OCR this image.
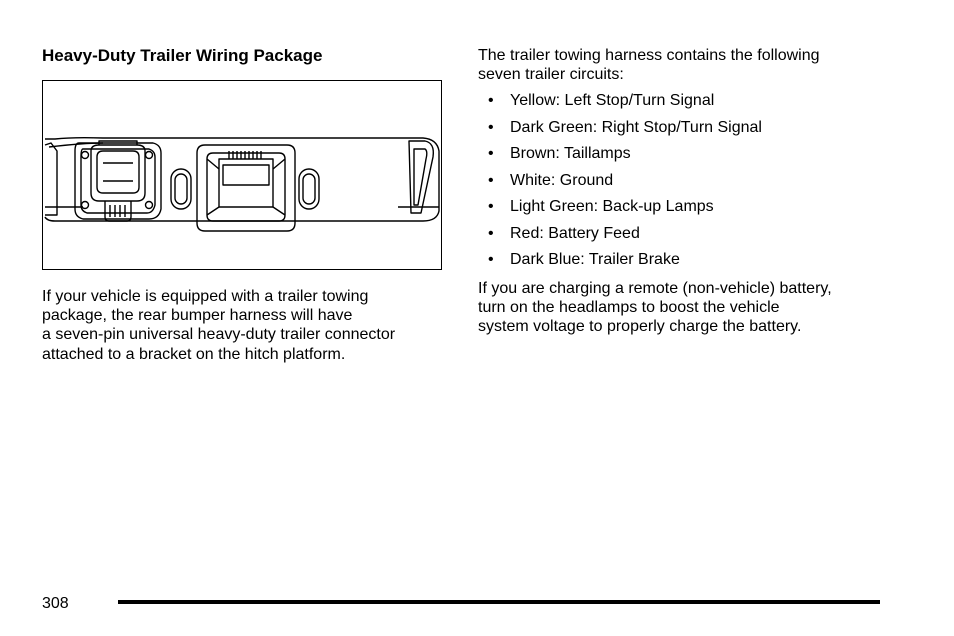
Heavy-Duty Trailer Wiring Package

If your vehicle is equipped with a trailer towing
package, the rear bumper harness will have
a seven-pin universal heavy-duty trailer connector
attached to a bracket on the hitch platform.

The trailer towing harness contains the following
seven trailer circuits:

• Yellow: Left Stop/Turn Signal
• Dark Green: Right Stop/Turn Signal
• Brown: Taillamps
• White: Ground
• Light Green: Back-up Lamps
• Red: Battery Feed
• Dark Blue: Trailer Brake

If you are charging a remote (non-vehicle) battery,
turn on the headlamps to boost the vehicle
system voltage to properly charge the battery.

308
